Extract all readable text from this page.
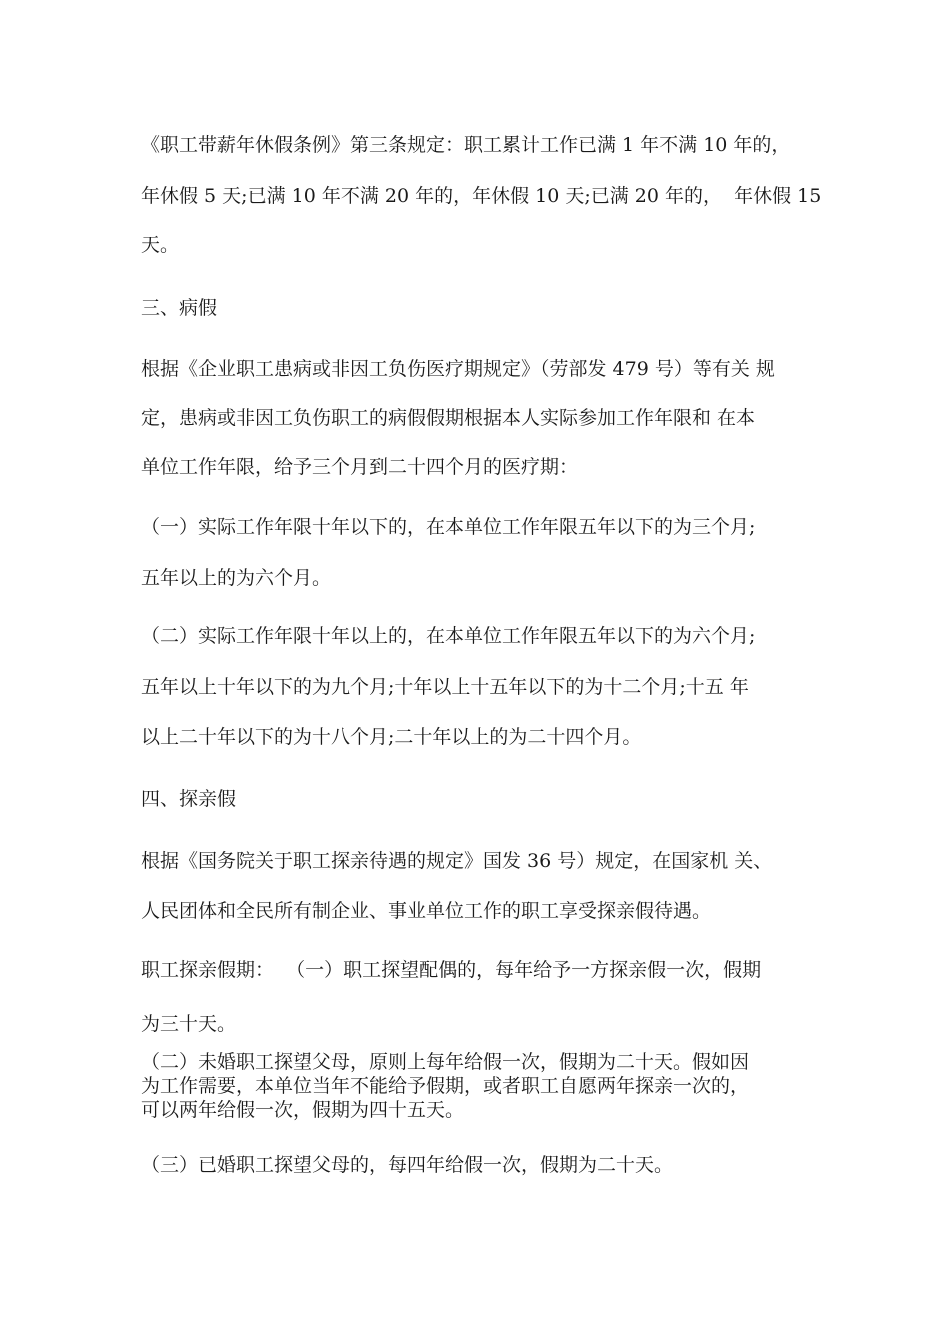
《职工带薪年休假条例》第三条规定：职工累计工作已满 1 年不满 10 年的，

年休假 5 天;已满 10 年不满 20 年的，年休假 10 天;已满 20 年的，  年休假 15

天。

三、病假

根据《企业职工患病或非因工负伤医疗期规定》（劳部发 479 号）等有关 规

定，患病或非因工负伤职工的病假假期根据本人实际参加工作年限和 在本

单位工作年限，给予三个月到二十四个月的医疗期：

（一）实际工作年限十年以下的，在本单位工作年限五年以下的为三个月;

五年以上的为六个月。

（二）实际工作年限十年以上的，在本单位工作年限五年以下的为六个月;

五年以上十年以下的为九个月;十年以上十五年以下的为十二个月;十五 年

以上二十年以下的为十八个月;二十年以上的为二十四个月。

四、探亲假

根据《国务院关于职工探亲待遇的规定》国发 36 号）规定，在国家机 关、

人民团体和全民所有制企业、事业单位工作的职工享受探亲假待遇。

职工探亲假期：  （一）职工探望配偶的，每年给予一方探亲假一次，假期

为三十天。

（二）未婚职工探望父母，原则上每年给假一次，假期为二十天。假如因

为工作需要，本单位当年不能给予假期，或者职工自愿两年探亲一次的，

可以两年给假一次，假期为四十五天。

（三）已婚职工探望父母的，每四年给假一次，假期为二十天。
